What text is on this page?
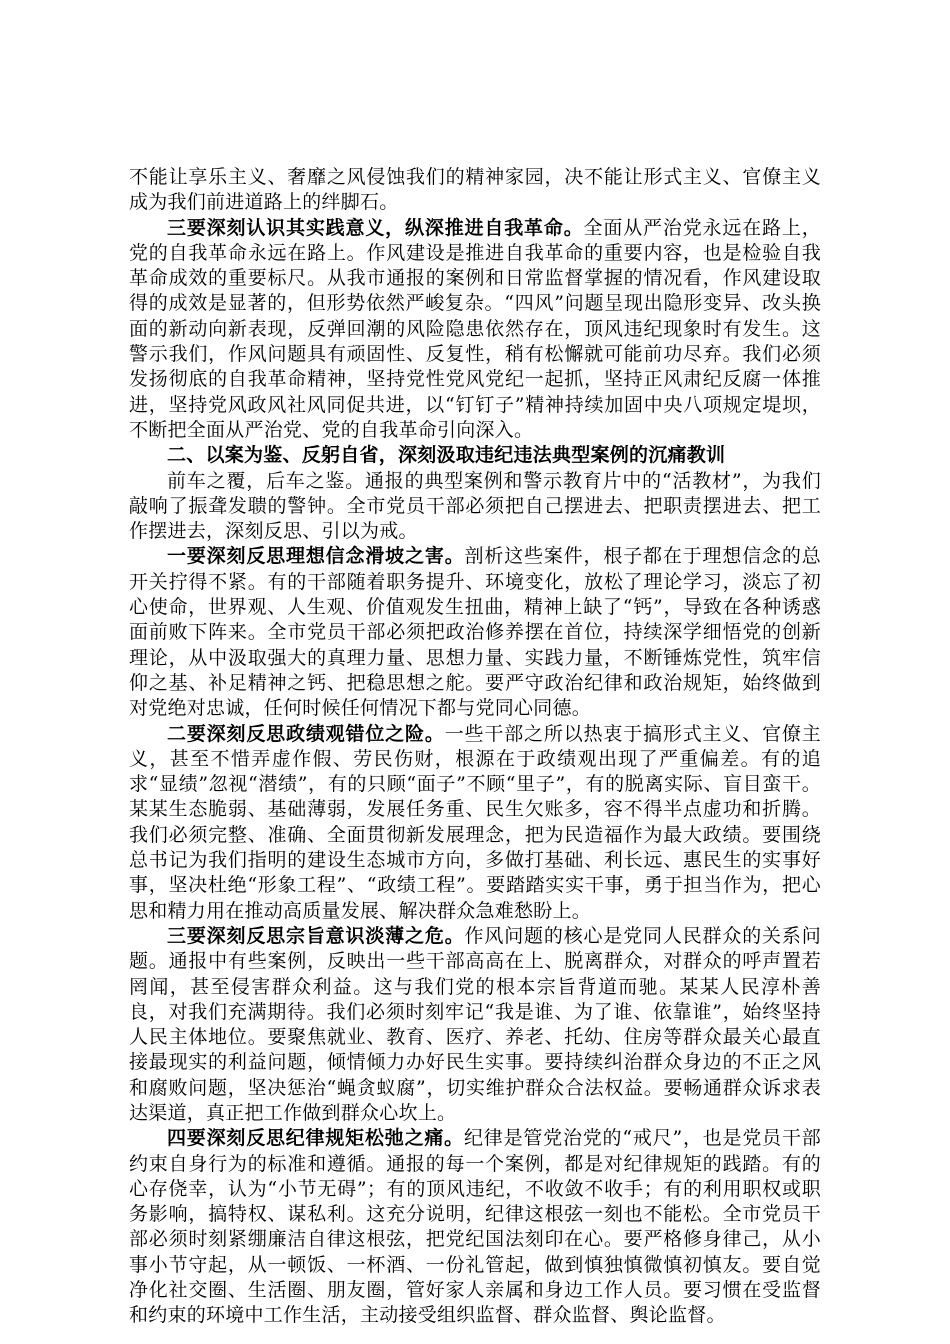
不能让享乐主义、奢靡之风侵蚀我们的精神家园，决不能让形式主义、官僚主义成为我们前进道路上的绊脚石。

三要深刻认识其实践意义，纵深推进自我革命。全面从严治党永远在路上，党的自我革命永远在路上。作风建设是推进自我革命的重要内容，也是检验自我革命成效的重要标尺。从我市通报的案例和日常监督掌握的情况看，作风建设取得的成效是显著的，但形势依然严峻复杂。“四风”问题呈现出隐形变异、改头换面的新动向新表现，反弹回潮的风险隐患依然存在，顶风违纪现象时有发生。这警示我们，作风问题具有顽固性、反复性，稍有松懈就可能前功尽弃。我们必须发扬彻底的自我革命精神，坚持党性党风党纪一起抓，坚持正风肃纪反腐一体推进，坚持党风政风社风同促共进，以“钉钉子”精神持续加固中央八项规定堤坝，不断把全面从严治党、党的自我革命引向深入。

二、以案为鉴、反躬自省，深刻汲取违纪违法典型案例的沉痛教训

前车之覆，后车之鉴。通报的典型案例和警示教育片中的“活教材”，为我们敲响了振聋发聩的警钟。全市党员干部必须把自己摆进去、把职责摆进去、把工作摆进去，深刻反思、引以为戒。

一要深刻反思理想信念滑坡之害。剖析这些案件，根子都在于理想信念的总开关拧得不紧。有的干部随着职务提升、环境变化，放松了理论学习，淡忘了初心使命，世界观、人生观、价值观发生扭曲，精神上缺了“钙”，导致在各种诱惑面前败下阵来。全市党员干部必须把政治修养摆在首位，持续深学细悟党的创新理论，从中汲取强大的真理力量、思想力量、实践力量，不断锤炼党性，筑牢信仰之基、补足精神之钙、把稳思想之舵。要严守政治纪律和政治规矩，始终做到对党绝对忠诚，任何时候任何情况下都与党同心同德。

二要深刻反思政绩观错位之险。一些干部之所以热衷于搞形式主义、官僚主义，甚至不惜弄虚作假、劳民伤财，根源在于政绩观出现了严重偏差。有的追求“显绩”忽视“潜绩”，有的只顾“面子”不顾“里子”，有的脱离实际、盲目蛮干。某某生态脆弱、基础薄弱，发展任务重、民生欠账多，容不得半点虚功和折腾。我们必须完整、准确、全面贯彻新发展理念，把为民造福作为最大政绩。要围绕总书记为我们指明的建设生态城市方向，多做打基础、利长远、惠民生的实事好事，坚决杜绝“形象工程”、“政绩工程”。要踏踏实实干事，勇于担当作为，把心思和精力用在推动高质量发展、解决群众急难愁盼上。

三要深刻反思宗旨意识淡薄之危。作风问题的核心是党同人民群众的关系问题。通报中有些案例，反映出一些干部高高在上、脱离群众，对群众的呼声置若罔闻，甚至侵害群众利益。这与我们党的根本宗旨背道而驰。某某人民淳朴善良，对我们充满期待。我们必须时刻牢记“我是谁、为了谁、依靠谁”，始终坚持人民主体地位。要聚焦就业、教育、医疗、养老、托幼、住房等群众最关心最直接最现实的利益问题，倾情倾力办好民生实事。要持续纠治群众身边的不正之风和腐败问题，坚决惩治“蝇贪蚁腐”，切实维护群众合法权益。要畅通群众诉求表达渠道，真正把工作做到群众心坎上。

四要深刻反思纪律规矩松弛之痛。纪律是管党治党的“戒尺”，也是党员干部约束自身行为的标准和遵循。通报的每一个案例，都是对纪律规矩的践踏。有的心存侥幸，认为“小节无碍”；有的顶风违纪，不收敛不收手；有的利用职权或职务影响，搞特权、谋私利。这充分说明，纪律这根弦一刻也不能松。全市党员干部必须时刻紧绷廉洁自律这根弦，把党纪国法刻印在心。要严格修身律己，从小事小节守起，从一顿饭、一杯酒、一份礼管起，做到慎独慎微慎初慎友。要自觉净化社交圈、生活圈、朋友圈，管好家人亲属和身边工作人员。要习惯在受监督和约束的环境中工作生活，主动接受组织监督、群众监督、舆论监督。
